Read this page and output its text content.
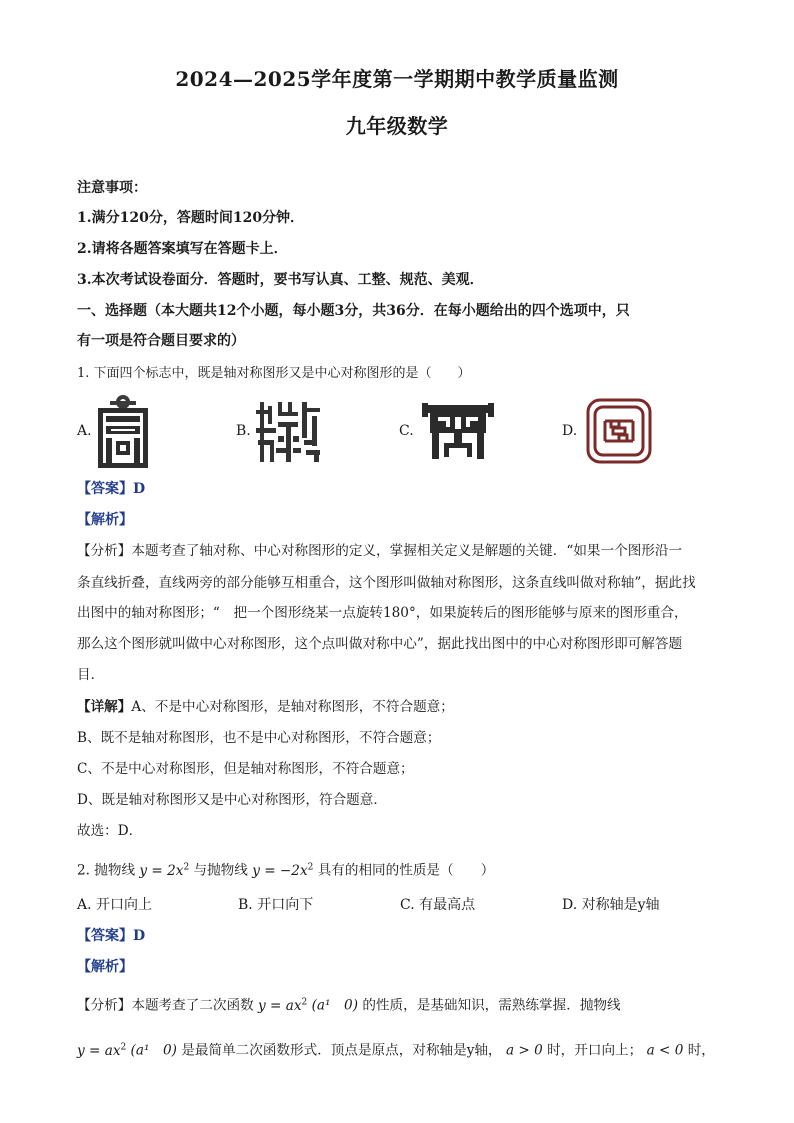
2024—2025学年度第一学期期中教学质量监测
九年级数学
注意事项：
1.满分120分，答题时间120分钟．
2.请将各题答案填写在答题卡上．
3.本次考试设卷面分．答题时，要书写认真、工整、规范、美观．
一、选择题（本大题共12个小题，每小题3分，共36分．在每小题给出的四个选项中，只
有一项是符合题目要求的）
1. 下面四个标志中，既是轴对称图形又是中心对称图形的是（　　）
A.	B.	C.	D.
【答案】D
【解析】
【分析】本题考查了轴对称、中心对称图形的定义，掌握相关定义是解题的关键．“如果一个图形沿一
条直线折叠，直线两旁的部分能够互相重合，这个图形叫做轴对称图形，这条直线叫做对称轴”，据此找
出图中的轴对称图形；“　把一个图形绕某一点旋转180°，如果旋转后的图形能够与原来的图形重合，
那么这个图形就叫做中心对称图形，这个点叫做对称中心”，据此找出图中的中心对称图形即可解答题
目．
【详解】A、不是中心对称图形，是轴对称图形，不符合题意；
B、既不是轴对称图形，也不是中心对称图形，不符合题意；
C、不是中心对称图形，但是轴对称图形，不符合题意；
D、既是轴对称图形又是中心对称图形，符合题意．
故选：D．
2. 抛物线 $y = 2x^2$ 与抛物线 $y = -2x^2$ 具有的相同的性质是（　　）
A. 开口向上	B. 开口向下	C. 有最高点	D. 对称轴是y轴
【答案】D
【解析】
【分析】本题考查了二次函数 $y = ax^2$ (a¹　0) 的性质，是基础知识，需熟练掌握．抛物线
$y = ax^2$ (a¹　0) 是最简单二次函数形式．顶点是原点，对称轴是y轴， a > 0 时，开口向上； a < 0 时，
